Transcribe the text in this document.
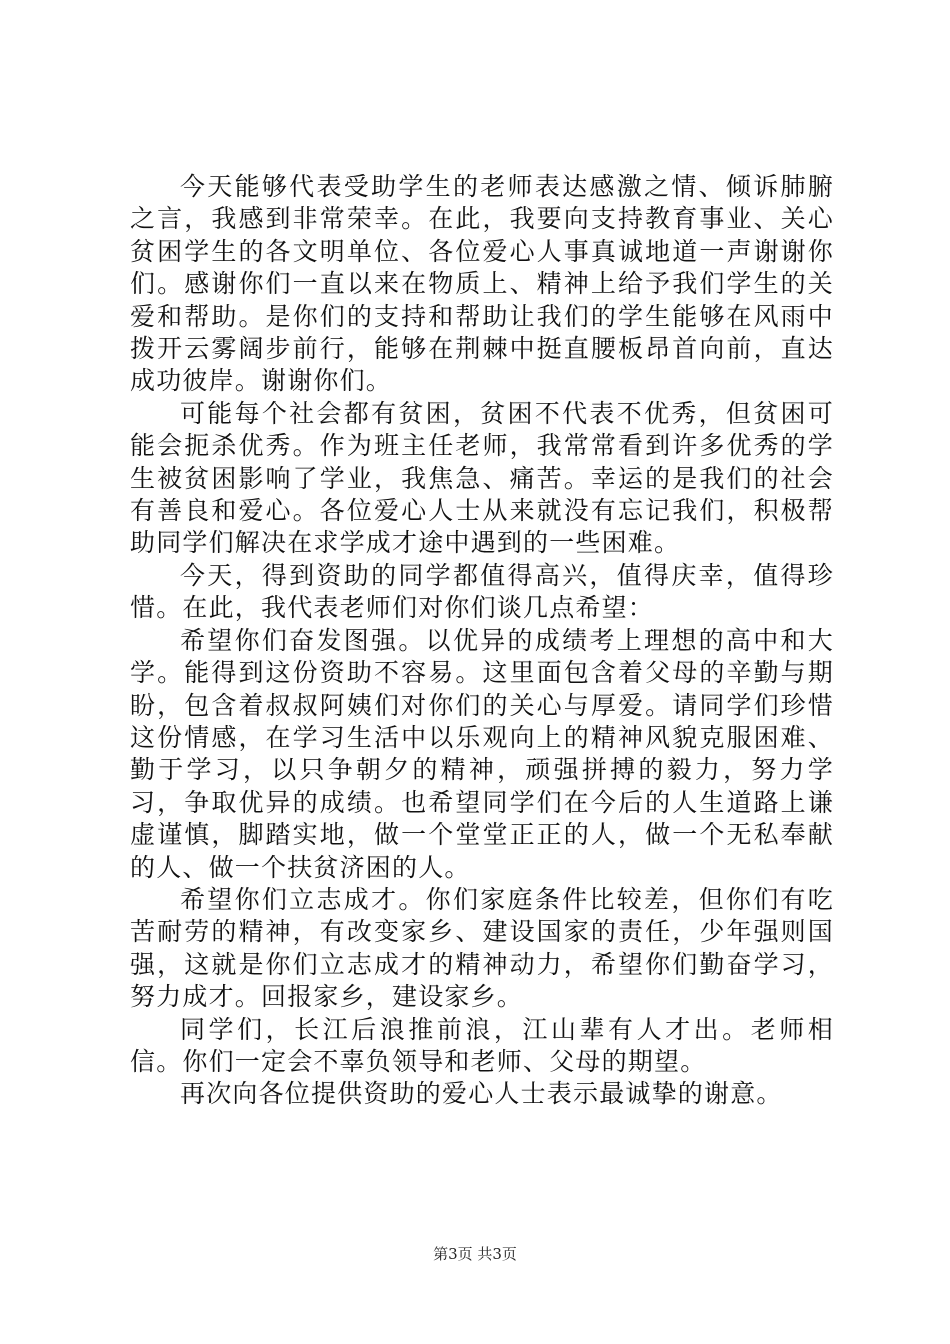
今天能够代表受助学生的老师表达感激之情、倾诉肺腑之言，我感到非常荣幸。在此，我要向支持教育事业、关心贫困学生的各文明单位、各位爱心人事真诚地道一声谢谢你们。感谢你们一直以来在物质上、精神上给予我们学生的关爱和帮助。是你们的支持和帮助让我们的学生能够在风雨中拨开云雾阔步前行，能够在荆棘中挺直腰板昂首向前，直达成功彼岸。谢谢你们。

可能每个社会都有贫困，贫困不代表不优秀，但贫困可能会扼杀优秀。作为班主任老师，我常常看到许多优秀的学生被贫困影响了学业，我焦急、痛苦。幸运的是我们的社会有善良和爱心。各位爱心人士从来就没有忘记我们，积极帮助同学们解决在求学成才途中遇到的一些困难。

今天，得到资助的同学都值得高兴，值得庆幸，值得珍惜。在此，我代表老师们对你们谈几点希望：

希望你们奋发图强。以优异的成绩考上理想的高中和大学。能得到这份资助不容易。这里面包含着父母的辛勤与期盼，包含着叔叔阿姨们对你们的关心与厚爱。请同学们珍惜这份情感，在学习生活中以乐观向上的精神风貌克服困难、勤于学习，以只争朝夕的精神，顽强拼搏的毅力，努力学习，争取优异的成绩。也希望同学们在今后的人生道路上谦虚谨慎，脚踏实地，做一个堂堂正正的人，做一个无私奉献的人、做一个扶贫济困的人。

希望你们立志成才。你们家庭条件比较差，但你们有吃苦耐劳的精神，有改变家乡、建设国家的责任，少年强则国强，这就是你们立志成才的精神动力，希望你们勤奋学习，努力成才。回报家乡，建设家乡。

同学们，长江后浪推前浪，江山辈有人才出。老师相信。你们一定会不辜负领导和老师、父母的期望。

再次向各位提供资助的爱心人士表示最诚挚的谢意。

第3页 共3页
